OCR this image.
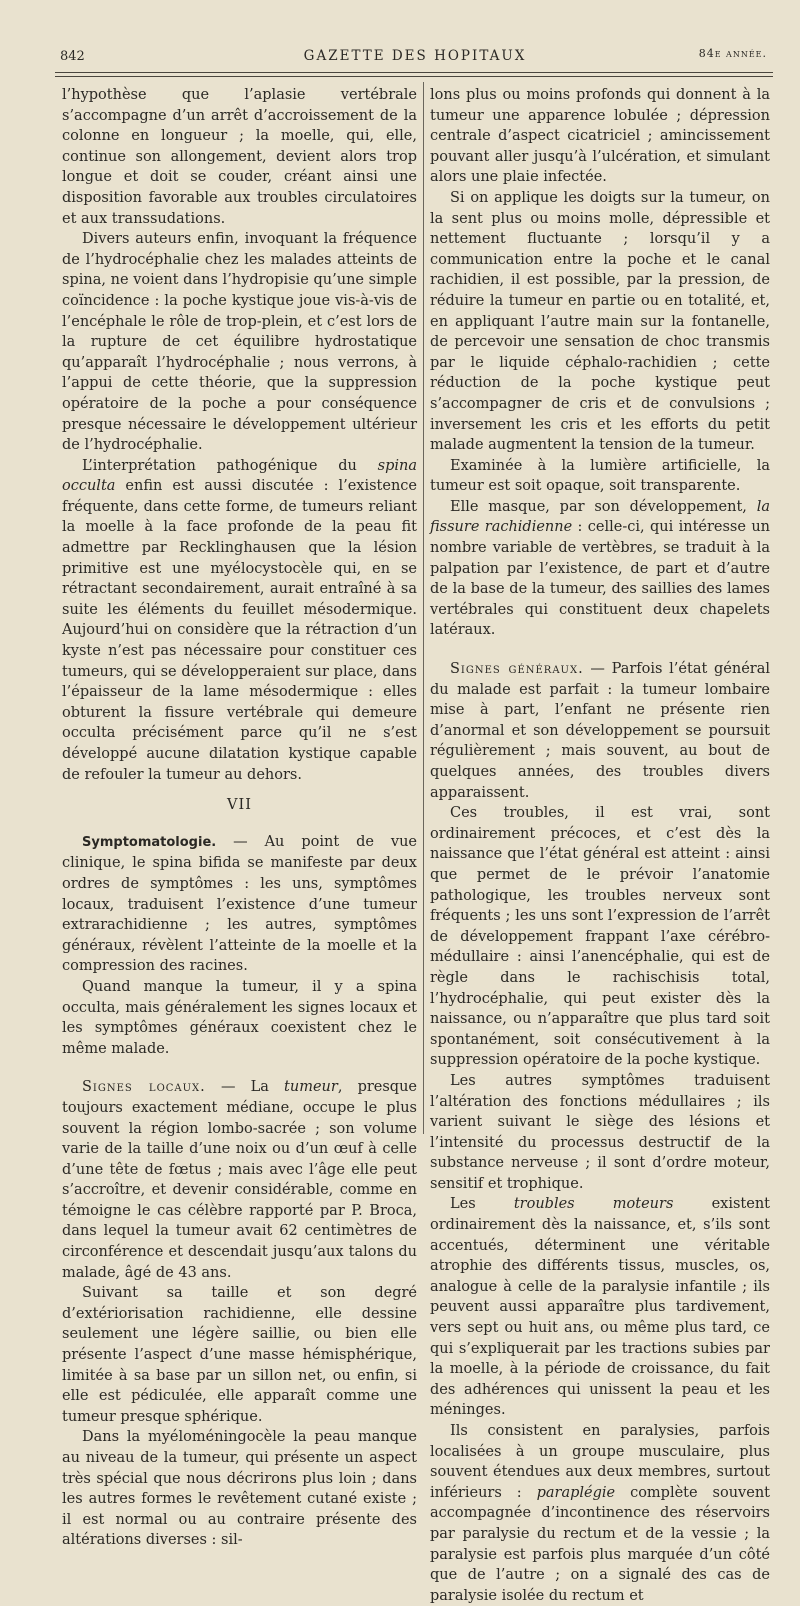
842	GAZETTE DES HOPITAUX	84e année.

l’hypothèse que l’aplasie vertébrale s’accompagne d’un arrêt d’accroissement de la colonne en longueur ; la moelle, qui, elle, continue son allongement, devient alors trop longue et doit se couder, créant ainsi une disposition favorable aux troubles circulatoires et aux transsudations.

Divers auteurs enfin, invoquant la fréquence de l’hydrocéphalie chez les malades atteints de spina, ne voient dans l’hydropisie qu’une simple coïncidence : la poche kystique joue vis-à-vis de l’encéphale le rôle de trop-plein, et c’est lors de la rupture de cet équilibre hydrostatique qu’apparaît l’hydrocéphalie ; nous verrons, à l’appui de cette théorie, que la suppression opératoire de la poche a pour conséquence presque nécessaire le développement ultérieur de l’hydrocéphalie.

L’interprétation pathogénique du spina occulta enfin est aussi discutée : l’existence fréquente, dans cette forme, de tumeurs reliant la moelle à la face profonde de la peau fit admettre par Recklinghausen que la lésion primitive est une myélocystocèle qui, en se rétractant secondairement, aurait entraîné à sa suite les éléments du feuillet mésodermique. Aujourd’hui on considère que la rétraction d’un kyste n’est pas nécessaire pour constituer ces tumeurs, qui se développeraient sur place, dans l’épaisseur de la lame mésodermique : elles obturent la fissure vertébrale qui demeure occulta précisément parce qu’il ne s’est développé aucune dilatation kystique capable de refouler la tumeur au dehors.

VII

Symptomatologie. — Au point de vue clinique, le spina bifida se manifeste par deux ordres de symptômes : les uns, symptômes locaux, traduisent l’existence d’une tumeur extrarachidienne ; les autres, symptômes généraux, révèlent l’atteinte de la moelle et la compression des racines.

Quand manque la tumeur, il y a spina occulta, mais généralement les signes locaux et les symptômes généraux coexistent chez le même malade.

Signes locaux. — La tumeur, presque toujours exactement médiane, occupe le plus souvent la région lombo-sacrée ; son volume varie de la taille d’une noix ou d’un œuf à celle d’une tête de fœtus ; mais avec l’âge elle peut s’accroître, et devenir considérable, comme en témoigne le cas célèbre rapporté par P. Broca, dans lequel la tumeur avait 62 centimètres de circonférence et descendait jusqu’aux talons du malade, âgé de 43 ans.

Suivant sa taille et son degré d’extériorisation rachidienne, elle dessine seulement une légère saillie, ou bien elle présente l’aspect d’une masse hémisphérique, limitée à sa base par un sillon net, ou enfin, si elle est pédiculée, elle apparaît comme une tumeur presque sphérique.

Dans la myéloméningocèle la peau manque au niveau de la tumeur, qui présente un aspect très spécial que nous décrirons plus loin ; dans les autres formes le revêtement cutané existe ; il est normal ou au contraire présente des altérations diverses : sil-

lons plus ou moins profonds qui donnent à la tumeur une apparence lobulée ; dépression centrale d’aspect cicatriciel ; amincissement pouvant aller jusqu’à l’ulcération, et simulant alors une plaie infectée.

Si on applique les doigts sur la tumeur, on la sent plus ou moins molle, dépressible et nettement fluctuante ; lorsqu’il y a communication entre la poche et le canal rachidien, il est possible, par la pression, de réduire la tumeur en partie ou en totalité, et, en appliquant l’autre main sur la fontanelle, de percevoir une sensation de choc transmis par le liquide céphalo-rachidien ; cette réduction de la poche kystique peut s’accompagner de cris et de convulsions ; inversement les cris et les efforts du petit malade augmentent la tension de la tumeur.

Examinée à la lumière artificielle, la tumeur est soit opaque, soit transparente.

Elle masque, par son développement, la fissure rachidienne : celle-ci, qui intéresse un nombre variable de vertèbres, se traduit à la palpation par l’existence, de part et d’autre de la base de la tumeur, des saillies des lames vertébrales qui constituent deux chapelets latéraux.

Signes généraux. — Parfois l’état général du malade est parfait : la tumeur lombaire mise à part, l’enfant ne présente rien d’anormal et son développement se poursuit régulièrement ; mais souvent, au bout de quelques années, des troubles divers apparaissent.

Ces troubles, il est vrai, sont ordinairement précoces, et c’est dès la naissance que l’état général est atteint : ainsi que permet de le prévoir l’anatomie pathologique, les troubles nerveux sont fréquents ; les uns sont l’expression de l’arrêt de développement frappant l’axe cérébro-médullaire : ainsi l’anencéphalie, qui est de règle dans le rachischisis total, l’hydrocéphalie, qui peut exister dès la naissance, ou n’apparaître que plus tard soit spontanément, soit consécutivement à la suppression opératoire de la poche kystique.

Les autres symptômes traduisent l’altération des fonctions médullaires ; ils varient suivant le siège des lésions et l’intensité du processus destructif de la substance nerveuse ; il sont d’ordre moteur, sensitif et trophique.

Les troubles moteurs existent ordinairement dès la naissance, et, s’ils sont accentués, déterminent une véritable atrophie des différents tissus, muscles, os, analogue à celle de la paralysie infantile ; ils peuvent aussi apparaître plus tardivement, vers sept ou huit ans, ou même plus tard, ce qui s’expliquerait par les tractions subies par la moelle, à la période de croissance, du fait des adhérences qui unissent la peau et les méninges.

Ils consistent en paralysies, parfois localisées à un groupe musculaire, plus souvent étendues aux deux membres, surtout inférieurs : paraplégie complète souvent accompagnée d’incontinence des réservoirs par paralysie du rectum et de la vessie ; la paralysie est parfois plus marquée d’un côté que de l’autre ; on a signalé des cas de paralysie isolée du rectum et
